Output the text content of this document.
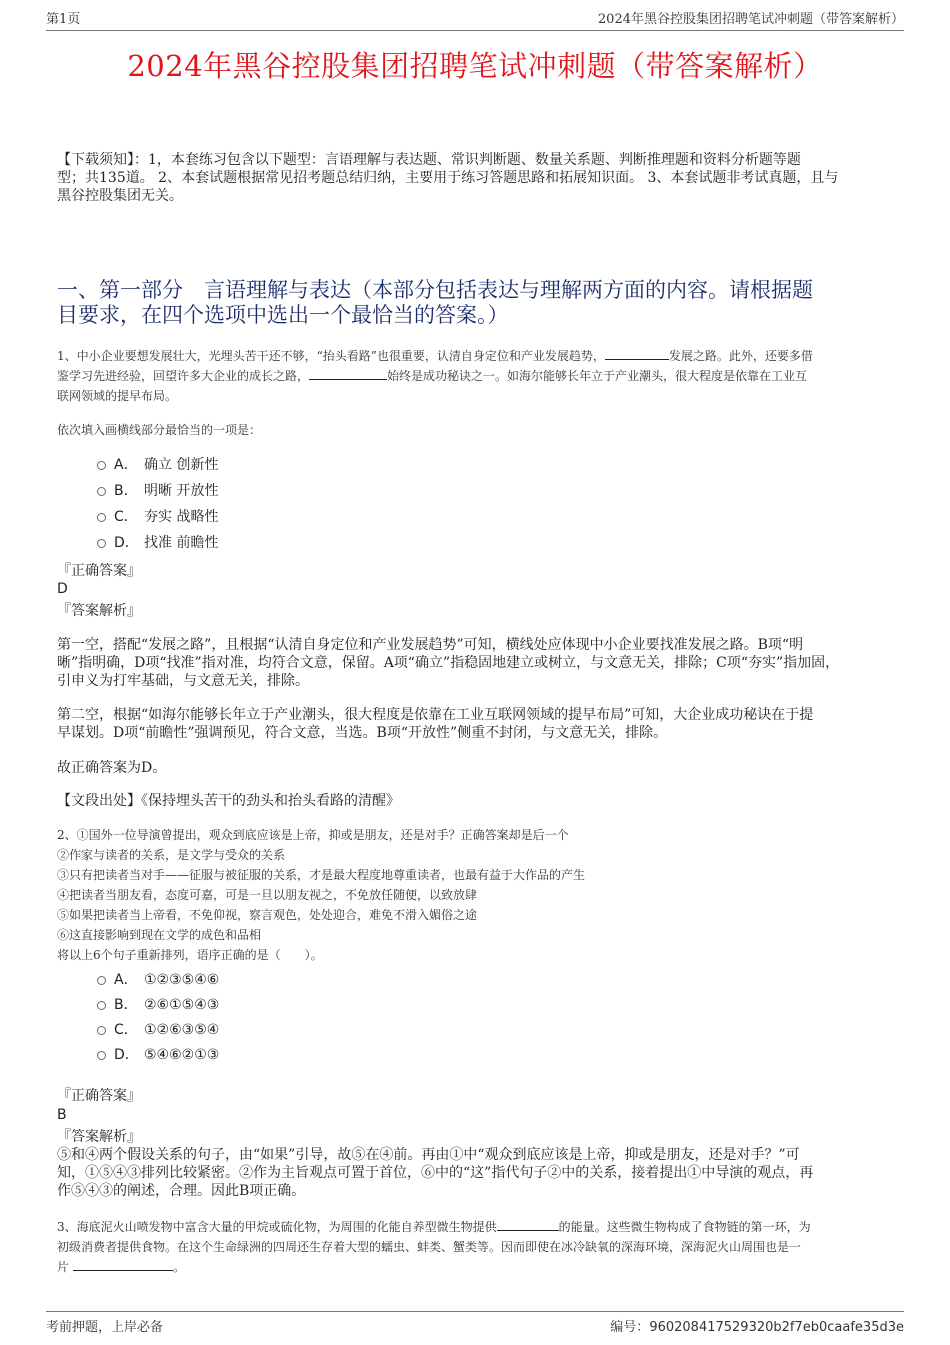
第1页	2024年黑谷控股集团招聘笔试冲刺题（带答案解析）
2024年黑谷控股集团招聘笔试冲刺题（带答案解析）
【下载须知】：1，本套练习包含以下题型：言语理解与表达题、常识判断题、数量关系题、判断推理题和资料分析题等题
型；共135道。 2、本套试题根据常见招考题总结归纳，主要用于练习答题思路和拓展知识面。 3、本套试题非考试真题，且与
黑谷控股集团无关。
一、第一部分　言语理解与表达（本部分包括表达与理解两方面的内容。请根据题
目要求，在四个选项中选出一个最恰当的答案。）
1、中小企业要想发展壮大，光埋头苦干还不够，“抬头看路”也很重要，认清自身定位和产业发展趋势，	发展之路。此外，还要多借
鉴学习先进经验，回望许多大企业的成长之路，	始终是成功秘诀之一。如海尔能够长年立于产业潮头，很大程度是依靠在工业互
联网领域的提早布局。
依次填入画横线部分最恰当的一项是：
A． 确立 创新性
B． 明晰 开放性
C． 夯实 战略性
D． 找准 前瞻性
『正确答案』
D
『答案解析』
第一空，搭配“发展之路”，且根据“认清自身定位和产业发展趋势”可知，横线处应体现中小企业要找准发展之路。B项“明
晰”指明确，D项“找准”指对准，均符合文意，保留。A项“确立”指稳固地建立或树立，与文意无关，排除；C项“夯实”指加固，
引申义为打牢基础，与文意无关，排除。
第二空，根据“如海尔能够长年立于产业潮头，很大程度是依靠在工业互联网领域的提早布局”可知，大企业成功秘诀在于提
早谋划。D项“前瞻性”强调预见，符合文意，当选。B项“开放性”侧重不封闭，与文意无关，排除。
故正确答案为D。
【文段出处】《保持埋头苦干的劲头和抬头看路的清醒》
2、①国外一位导演曾提出，观众到底应该是上帝，抑或是朋友，还是对手？正确答案却是后一个
②作家与读者的关系，是文学与受众的关系
③只有把读者当对手——征服与被征服的关系，才是最大程度地尊重读者，也最有益于大作品的产生
④把读者当朋友看，态度可嘉，可是一旦以朋友视之，不免放任随便，以致放肆
⑤如果把读者当上帝看，不免仰视，察言观色，处处迎合，难免不滑入媚俗之途
⑥这直接影响到现在文学的成色和品相
将以上6个句子重新排列，语序正确的是（　　）。
A． ①②③⑤④⑥
B． ②⑥①⑤④③
C． ①②⑥③⑤④
D． ⑤④⑥②①③
『正确答案』
B
『答案解析』
⑤和④两个假设关系的句子，由“如果”引导，故⑤在④前。再由①中“观众到底应该是上帝，抑或是朋友，还是对手？”可
知，①⑤④③排列比较紧密。②作为主旨观点可置于首位，⑥中的“这”指代句子②中的关系，接着提出①中导演的观点，再
作⑤④③的阐述，合理。因此B项正确。
3、海底泥火山喷发物中富含大量的甲烷或硫化物，为周围的化能自养型微生物提供	的能量。这些微生物构成了食物链的第一环，为
初级消费者提供食物。在这个生命绿洲的四周还生存着大型的蠕虫、蚌类、蟹类等。因而即使在冰冷缺氧的深海环境，深海泥火山周围也是一
片	。
考前押题，上岸必备	编号：960208417529320b2f7eb0caafe35d3e
